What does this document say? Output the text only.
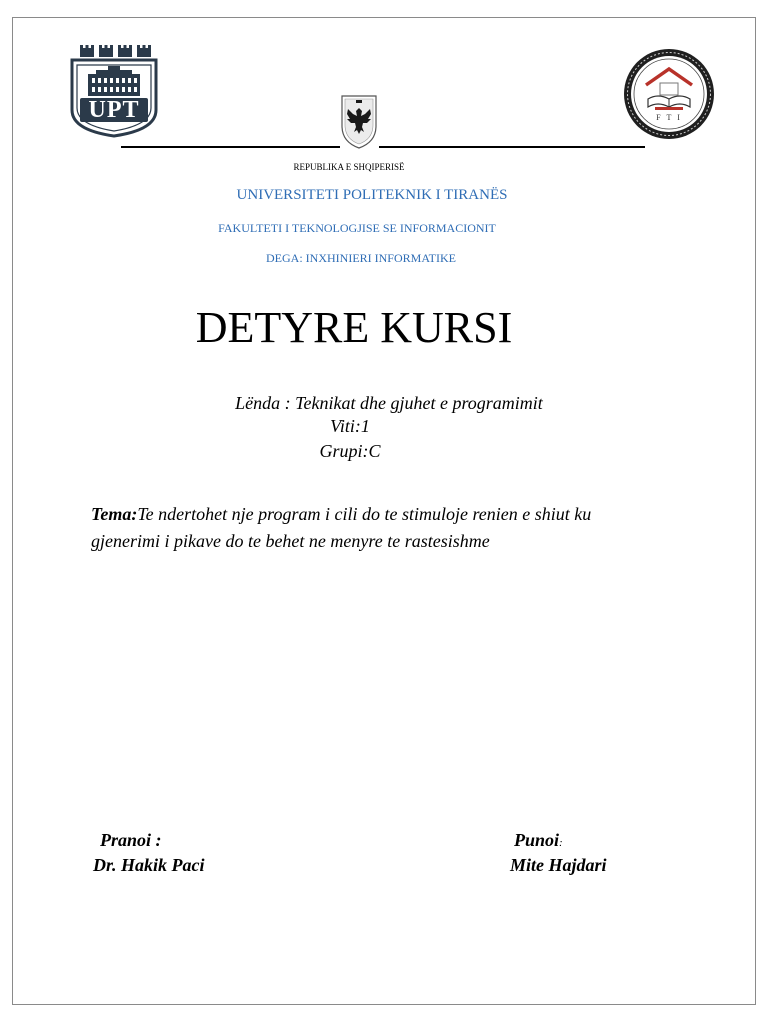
UPT	F T I
REPUBLIKA E SHQIPERISË
UNIVERSITETI POLITEKNIK I TIRANËS
FAKULTETI I TEKNOLOGJISE SE INFORMACIONIT
DEGA: INXHINIERI INFORMATIKE
DETYRE KURSI
Lënda : Teknikat dhe gjuhet e programimit
Viti:1
Grupi:C
Tema:Te ndertohet nje program i cili do te stimuloje renien e shiut ku
gjenerimi i pikave do te behet ne menyre te rastesishme
Pranoi :
Dr. Hakik Paci
Punoi:
Mite Hajdari
